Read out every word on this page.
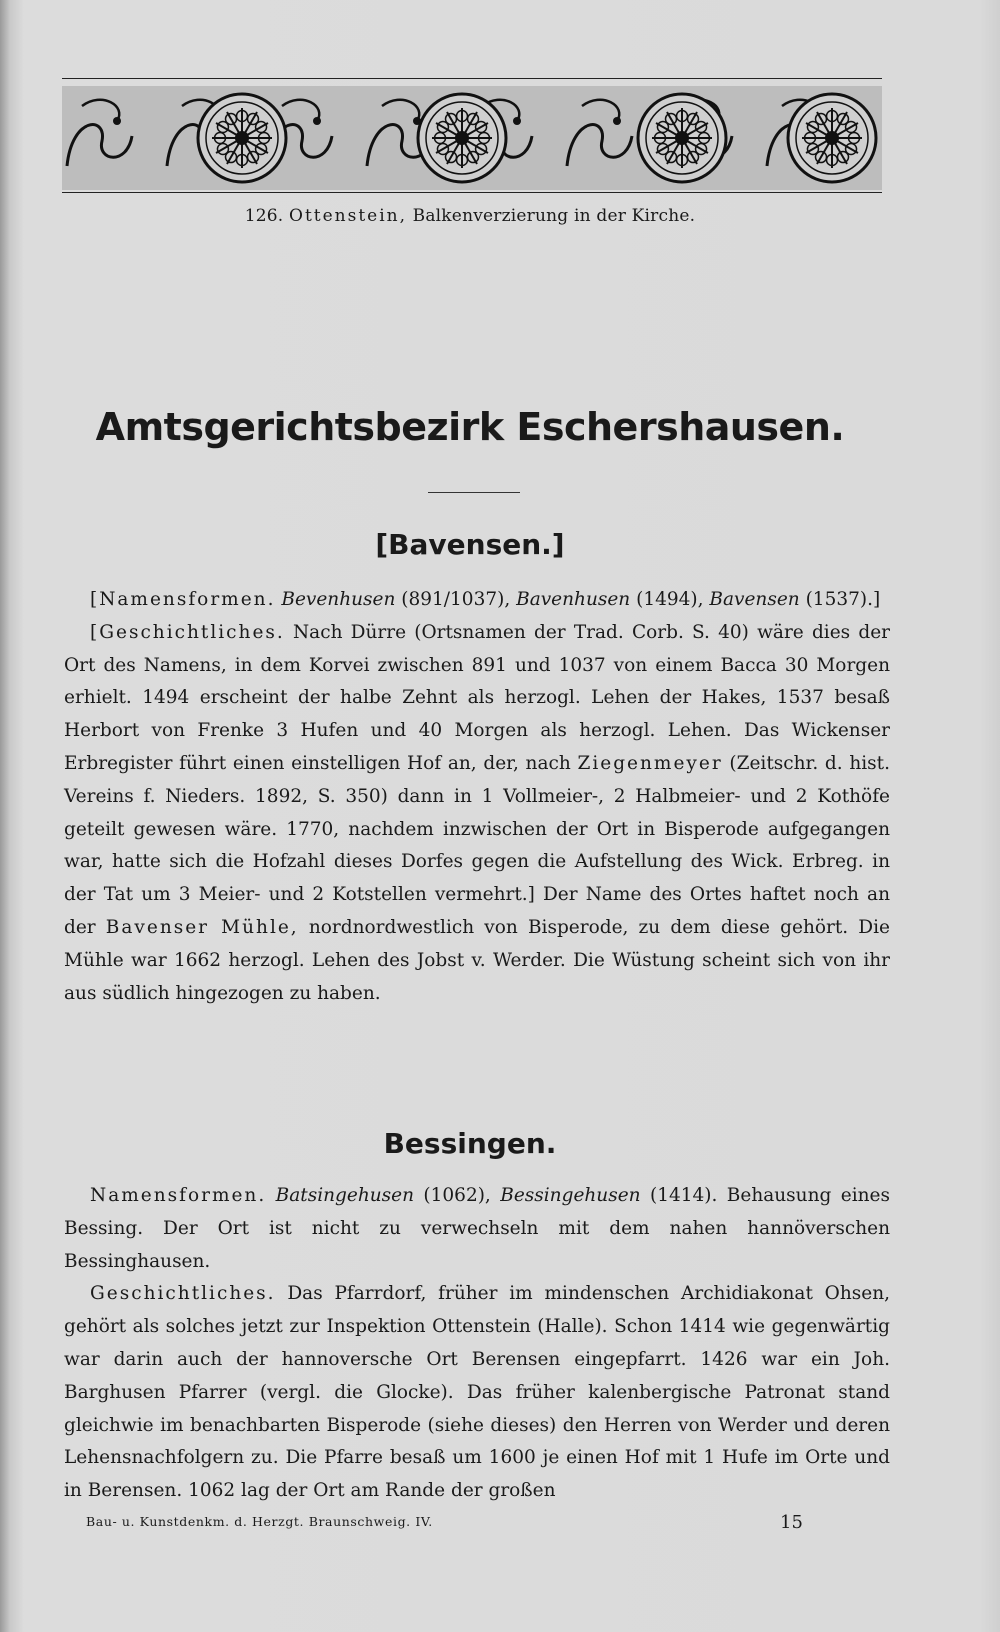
126. Ottenstein, Balkenverzierung in der Kirche.
Amtsgerichtsbezirk Eschershausen.
[Bavensen.]

[Namensformen. Bevenhusen (891/1037), Bavenhusen (1494), Bavensen (1537).]

[Geschichtliches. Nach Dürre (Ortsnamen der Trad. Corb. S. 40) wäre dies der Ort des Namens, in dem Korvei zwischen 891 und 1037 von einem Bacca 30 Morgen erhielt. 1494 erscheint der halbe Zehnt als herzogl. Lehen der Hakes, 1537 besaß Herbort von Frenke 3 Hufen und 40 Morgen als herzogl. Lehen. Das Wickenser Erbregister führt einen einstelligen Hof an, der, nach Ziegenmeyer (Zeitschr. d. hist. Vereins f. Nieders. 1892, S. 350) dann in 1 Vollmeier-, 2 Halbmeier- und 2 Kothöfe geteilt gewesen wäre. 1770, nachdem inzwischen der Ort in Bisperode aufgegangen war, hatte sich die Hofzahl dieses Dorfes gegen die Aufstellung des Wick. Erbreg. in der Tat um 3 Meier- und 2 Kotstellen vermehrt.] Der Name des Ortes haftet noch an der Bavenser Mühle, nordnordwestlich von Bisperode, zu dem diese gehört. Die Mühle war 1662 herzogl. Lehen des Jobst v. Werder. Die Wüstung scheint sich von ihr aus südlich hingezogen zu haben.

Bessingen.

Namensformen. Batsingehusen (1062), Bessingehusen (1414). Behausung eines Bessing. Der Ort ist nicht zu verwechseln mit dem nahen hannöverschen Bessinghausen.

Geschichtliches. Das Pfarrdorf, früher im mindenschen Archidiakonat Ohsen, gehört als solches jetzt zur Inspektion Ottenstein (Halle). Schon 1414 wie gegenwärtig war darin auch der hannoversche Ort Berensen eingepfarrt. 1426 war ein Joh. Barghusen Pfarrer (vergl. die Glocke). Das früher kalenbergische Patronat stand gleichwie im benachbarten Bisperode (siehe dieses) den Herren von Werder und deren Lehensnachfolgern zu. Die Pfarre besaß um 1600 je einen Hof mit 1 Hufe im Orte und in Berensen. 1062 lag der Ort am Rande der großen

Bau- u. Kunstdenkm. d. Herzgt. Braunschweig. IV.	15
